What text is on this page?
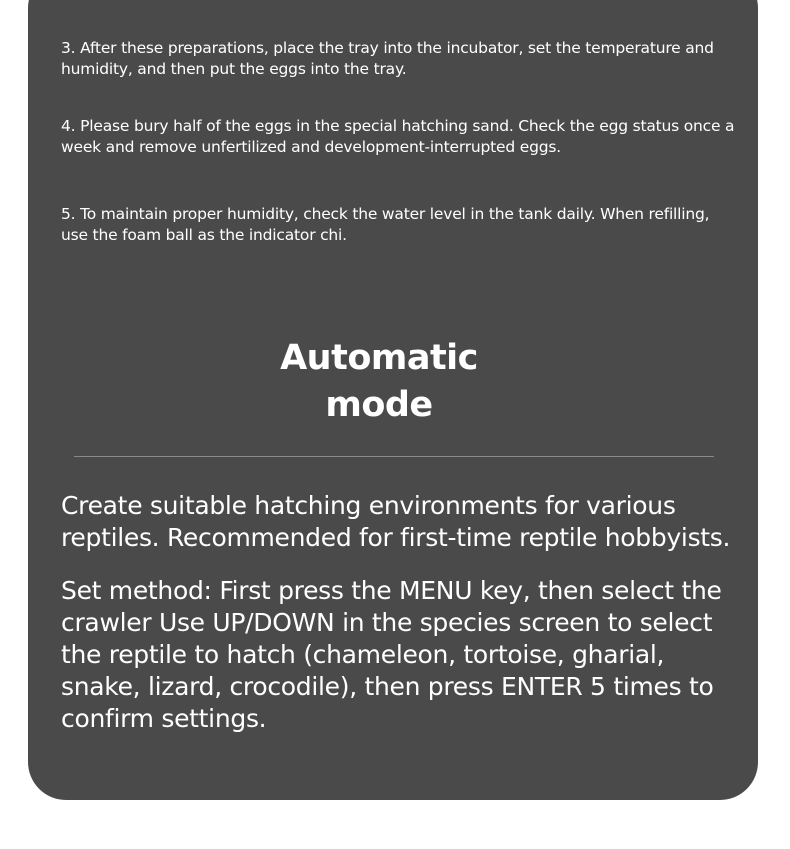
3. After these preparations, place the tray into the incubator, set the temperature and humidity, and then put the eggs into the tray.

4. Please bury half of the eggs in the special hatching sand. Check the egg status once a week and remove unfertilized and development-interrupted eggs.

5. To maintain proper humidity, check the water level in the tank daily. When refilling, use the foam ball as the indicator chi.

Automatic
mode

Create suitable hatching environments for various reptiles. Recommended for first-time reptile hobbyists.

Set method: First press the MENU key, then select the crawler Use UP/DOWN in the species screen to select the reptile to hatch (chameleon, tortoise, gharial, snake, lizard, crocodile), then press ENTER 5 times to confirm settings.
